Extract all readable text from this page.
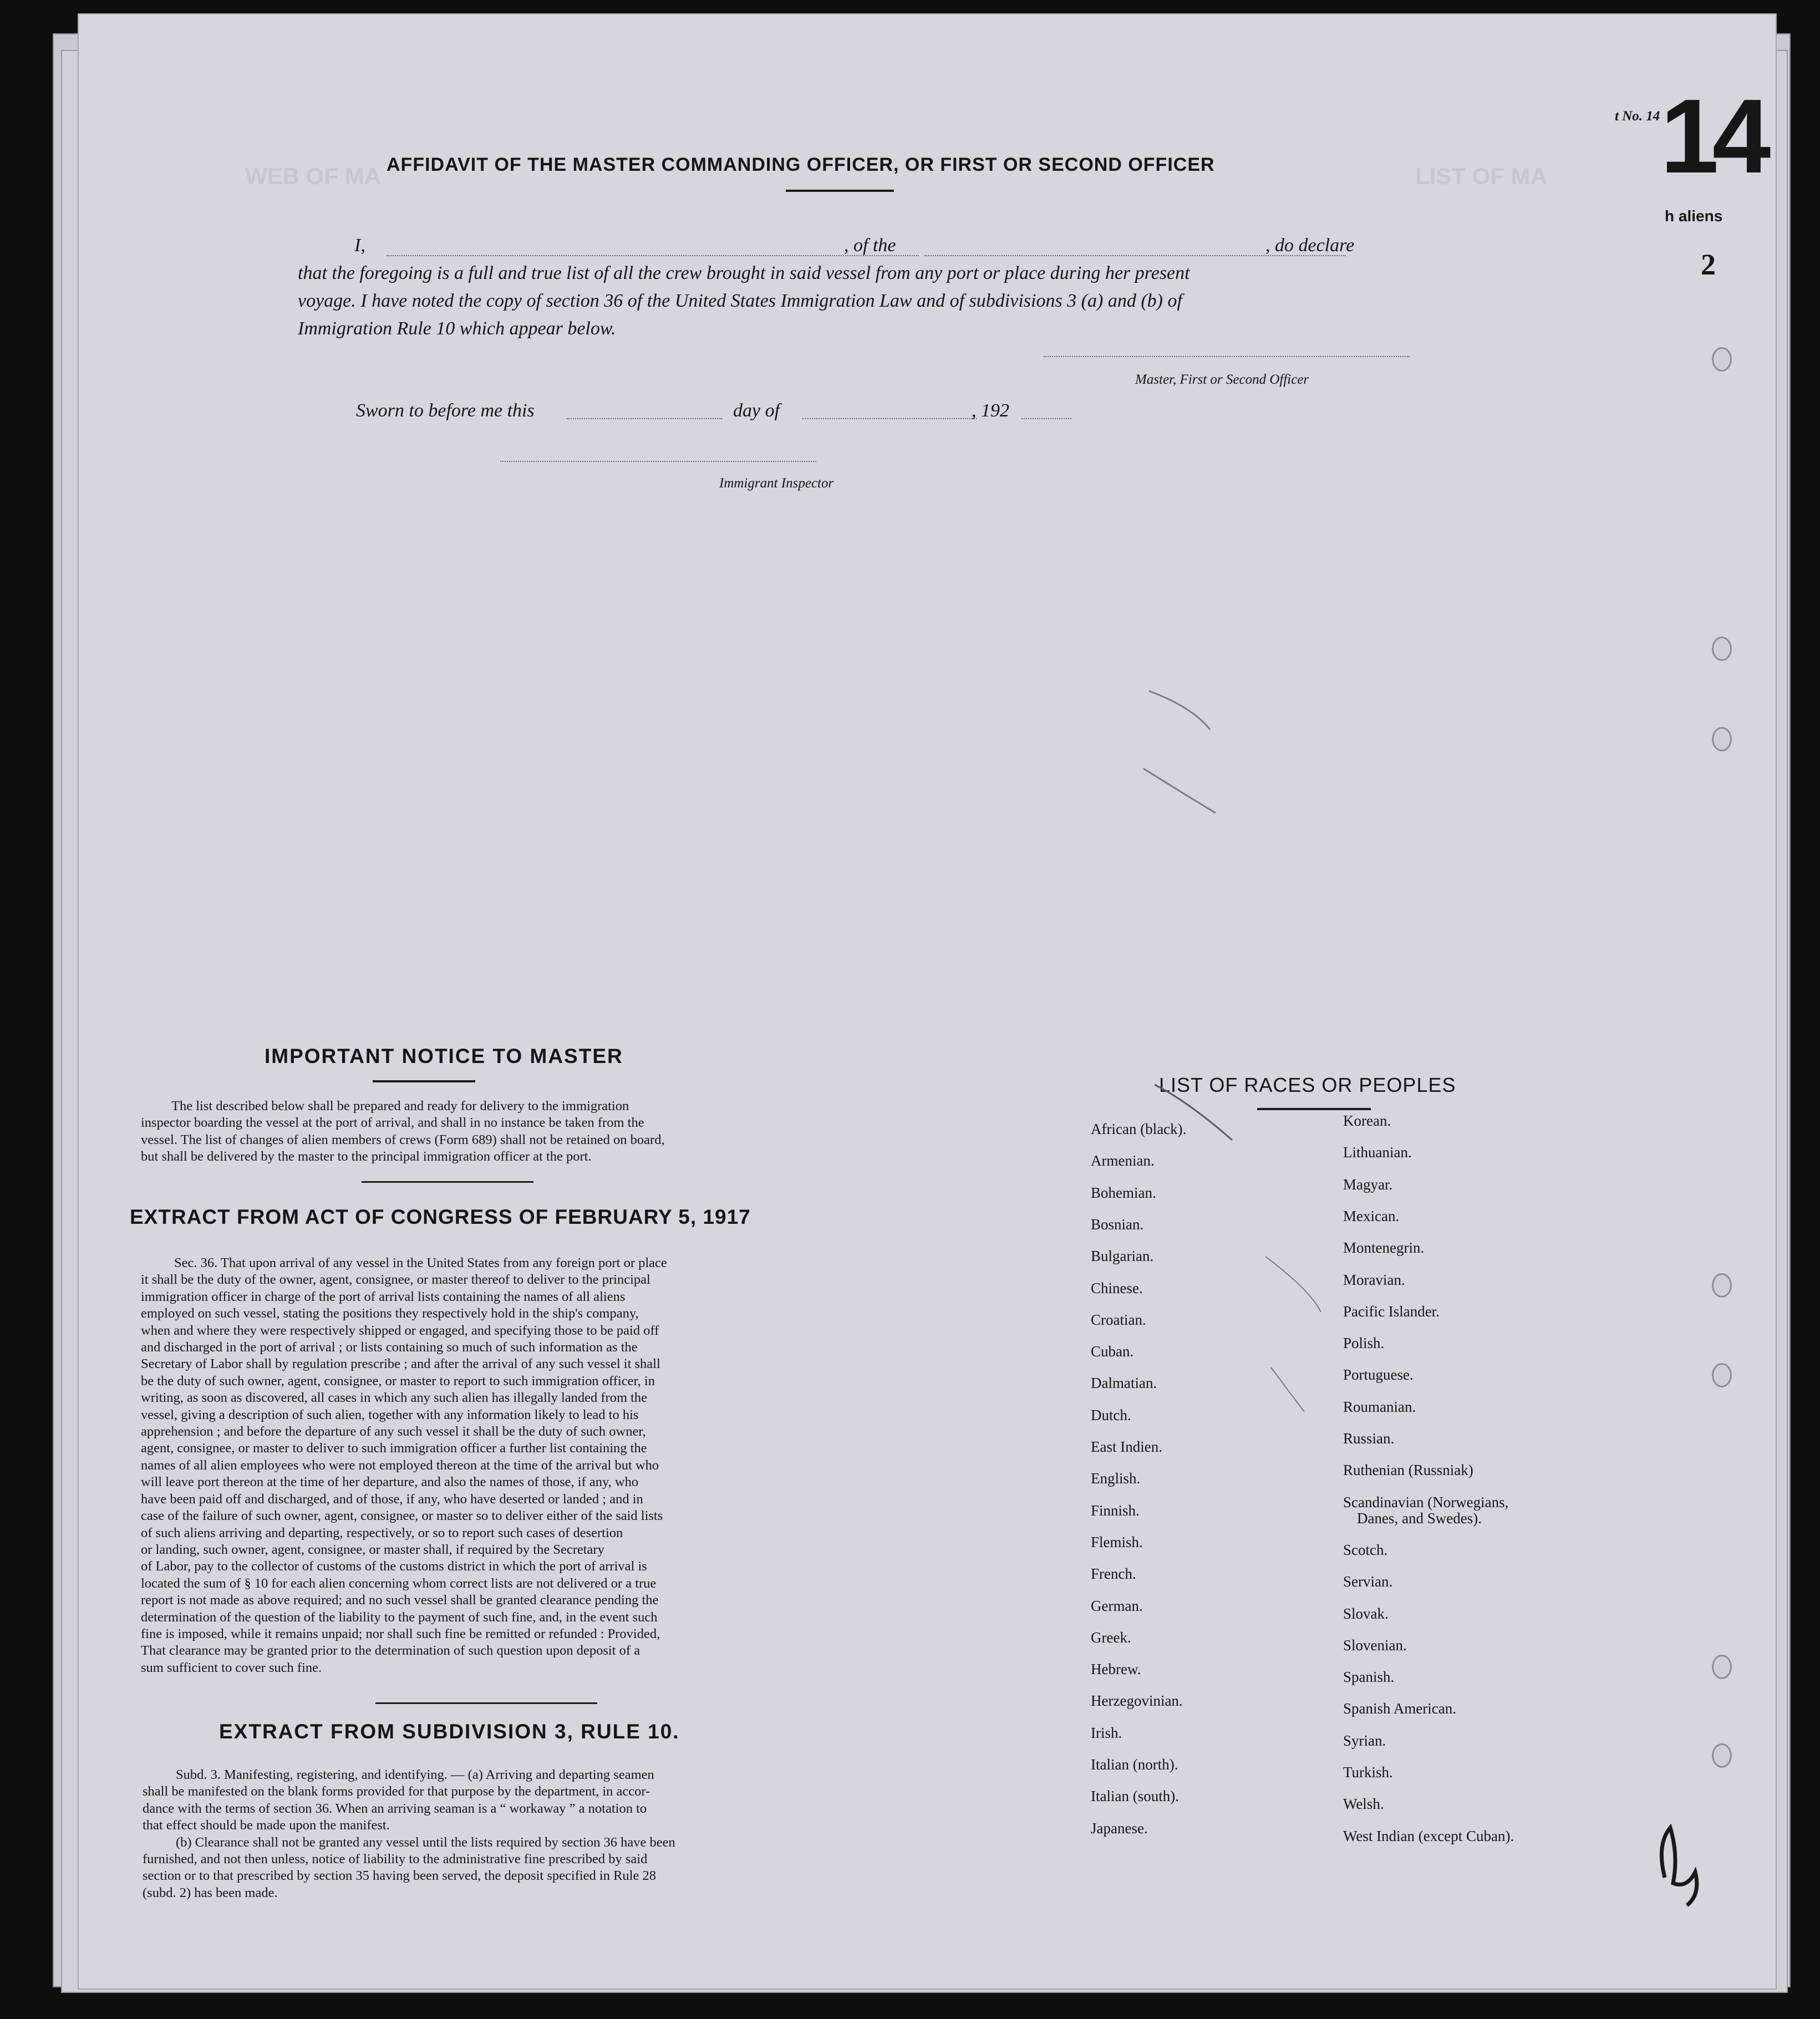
WEB OF MA	LIST OF MA
t No. 14 14
h aliens
2
AFFIDAVIT OF THE MASTER COMMANDING OFFICER, OR FIRST OR SECOND OFFICER
I,	, of the	, do declare
that the foregoing is a full and true list of all the crew brought in said vessel from any port or place during her present
voyage. I have noted the copy of section 36 of the United States Immigration Law and of subdivisions 3 (a) and (b) of
Immigration Rule 10 which appear below.
Master, First or Second Officer
Sworn to before me this	day of	, 192
Immigrant Inspector
IMPORTANT NOTICE TO MASTER

The list described below shall be prepared and ready for delivery to the immigration

inspector boarding the vessel at the port of arrival, and shall in no instance be taken from the

vessel. The list of changes of alien members of crews (Form 689) shall not be retained on board,

but shall be delivered by the master to the principal immigration officer at the port.

EXTRACT FROM ACT OF CONGRESS OF FEBRUARY 5, 1917

Sec. 36. That upon arrival of any vessel in the United States from any foreign port or place

it shall be the duty of the owner, agent, consignee, or master thereof to deliver to the principal

immigration officer in charge of the port of arrival lists containing the names of all aliens

employed on such vessel, stating the positions they respectively hold in the ship's company,

when and where they were respectively shipped or engaged, and specifying those to be paid off

and discharged in the port of arrival ; or lists containing so much of such information as the

Secretary of Labor shall by regulation prescribe ; and after the arrival of any such vessel it shall

be the duty of such owner, agent, consignee, or master to report to such immigration officer, in

writing, as soon as discovered, all cases in which any such alien has illegally landed from the

vessel, giving a description of such alien, together with any information likely to lead to his

apprehension ; and before the departure of any such vessel it shall be the duty of such owner,

agent, consignee, or master to deliver to such immigration officer a further list containing the

names of all alien employees who were not employed thereon at the time of the arrival but who

will leave port thereon at the time of her departure, and also the names of those, if any, who

have been paid off and discharged, and of those, if any, who have deserted or landed ; and in

case of the failure of such owner, agent, consignee, or master so to deliver either of the said lists

of such aliens arriving and departing, respectively, or so to report such cases of desertion

or landing, such owner, agent, consignee, or master shall, if required by the Secretary

of Labor, pay to the collector of customs of the customs district in which the port of arrival is

located the sum of § 10 for each alien concerning whom correct lists are not delivered or a true

report is not made as above required; and no such vessel shall be granted clearance pending the

determination of the question of the liability to the payment of such fine, and, in the event such

fine is imposed, while it remains unpaid; nor shall such fine be remitted or refunded : Provided,

That clearance may be granted prior to the determination of such question upon deposit of a

sum sufficient to cover such fine.

EXTRACT FROM SUBDIVISION 3, RULE 10.

Subd. 3. Manifesting, registering, and identifying. — (a) Arriving and departing seamen

shall be manifested on the blank forms provided for that purpose by the department, in accor-

dance with the terms of section 36. When an arriving seaman is a “ workaway ” a notation to

that effect should be made upon the manifest.

(b) Clearance shall not be granted any vessel until the lists required by section 36 have been

furnished, and not then unless, notice of liability to the administrative fine prescribed by said

section or to that prescribed by section 35 having been served, the deposit specified in Rule 28

(subd. 2) has been made.

LIST OF RACES OR PEOPLES
African (black).
Armenian.
Bohemian.
Bosnian.
Bulgarian.
Chinese.
Croatian.
Cuban.
Dalmatian.
Dutch.
East Indien.
English.
Finnish.
Flemish.
French.
German.
Greek.
Hebrew.
Herzegovinian.
Irish.
Italian (north).
Italian (south).
Japanese.
Korean.
Lithuanian.
Magyar.
Mexican.
Montenegrin.
Moravian.
Pacific Islander.
Polish.
Portuguese.
Roumanian.
Russian.
Ruthenian (Russniak)
Scandinavian (Norwegians,
Danes, and Swedes).
Scotch.
Servian.
Slovak.
Slovenian.
Spanish.
Spanish American.
Syrian.
Turkish.
Welsh.
West Indian (except Cuban).
